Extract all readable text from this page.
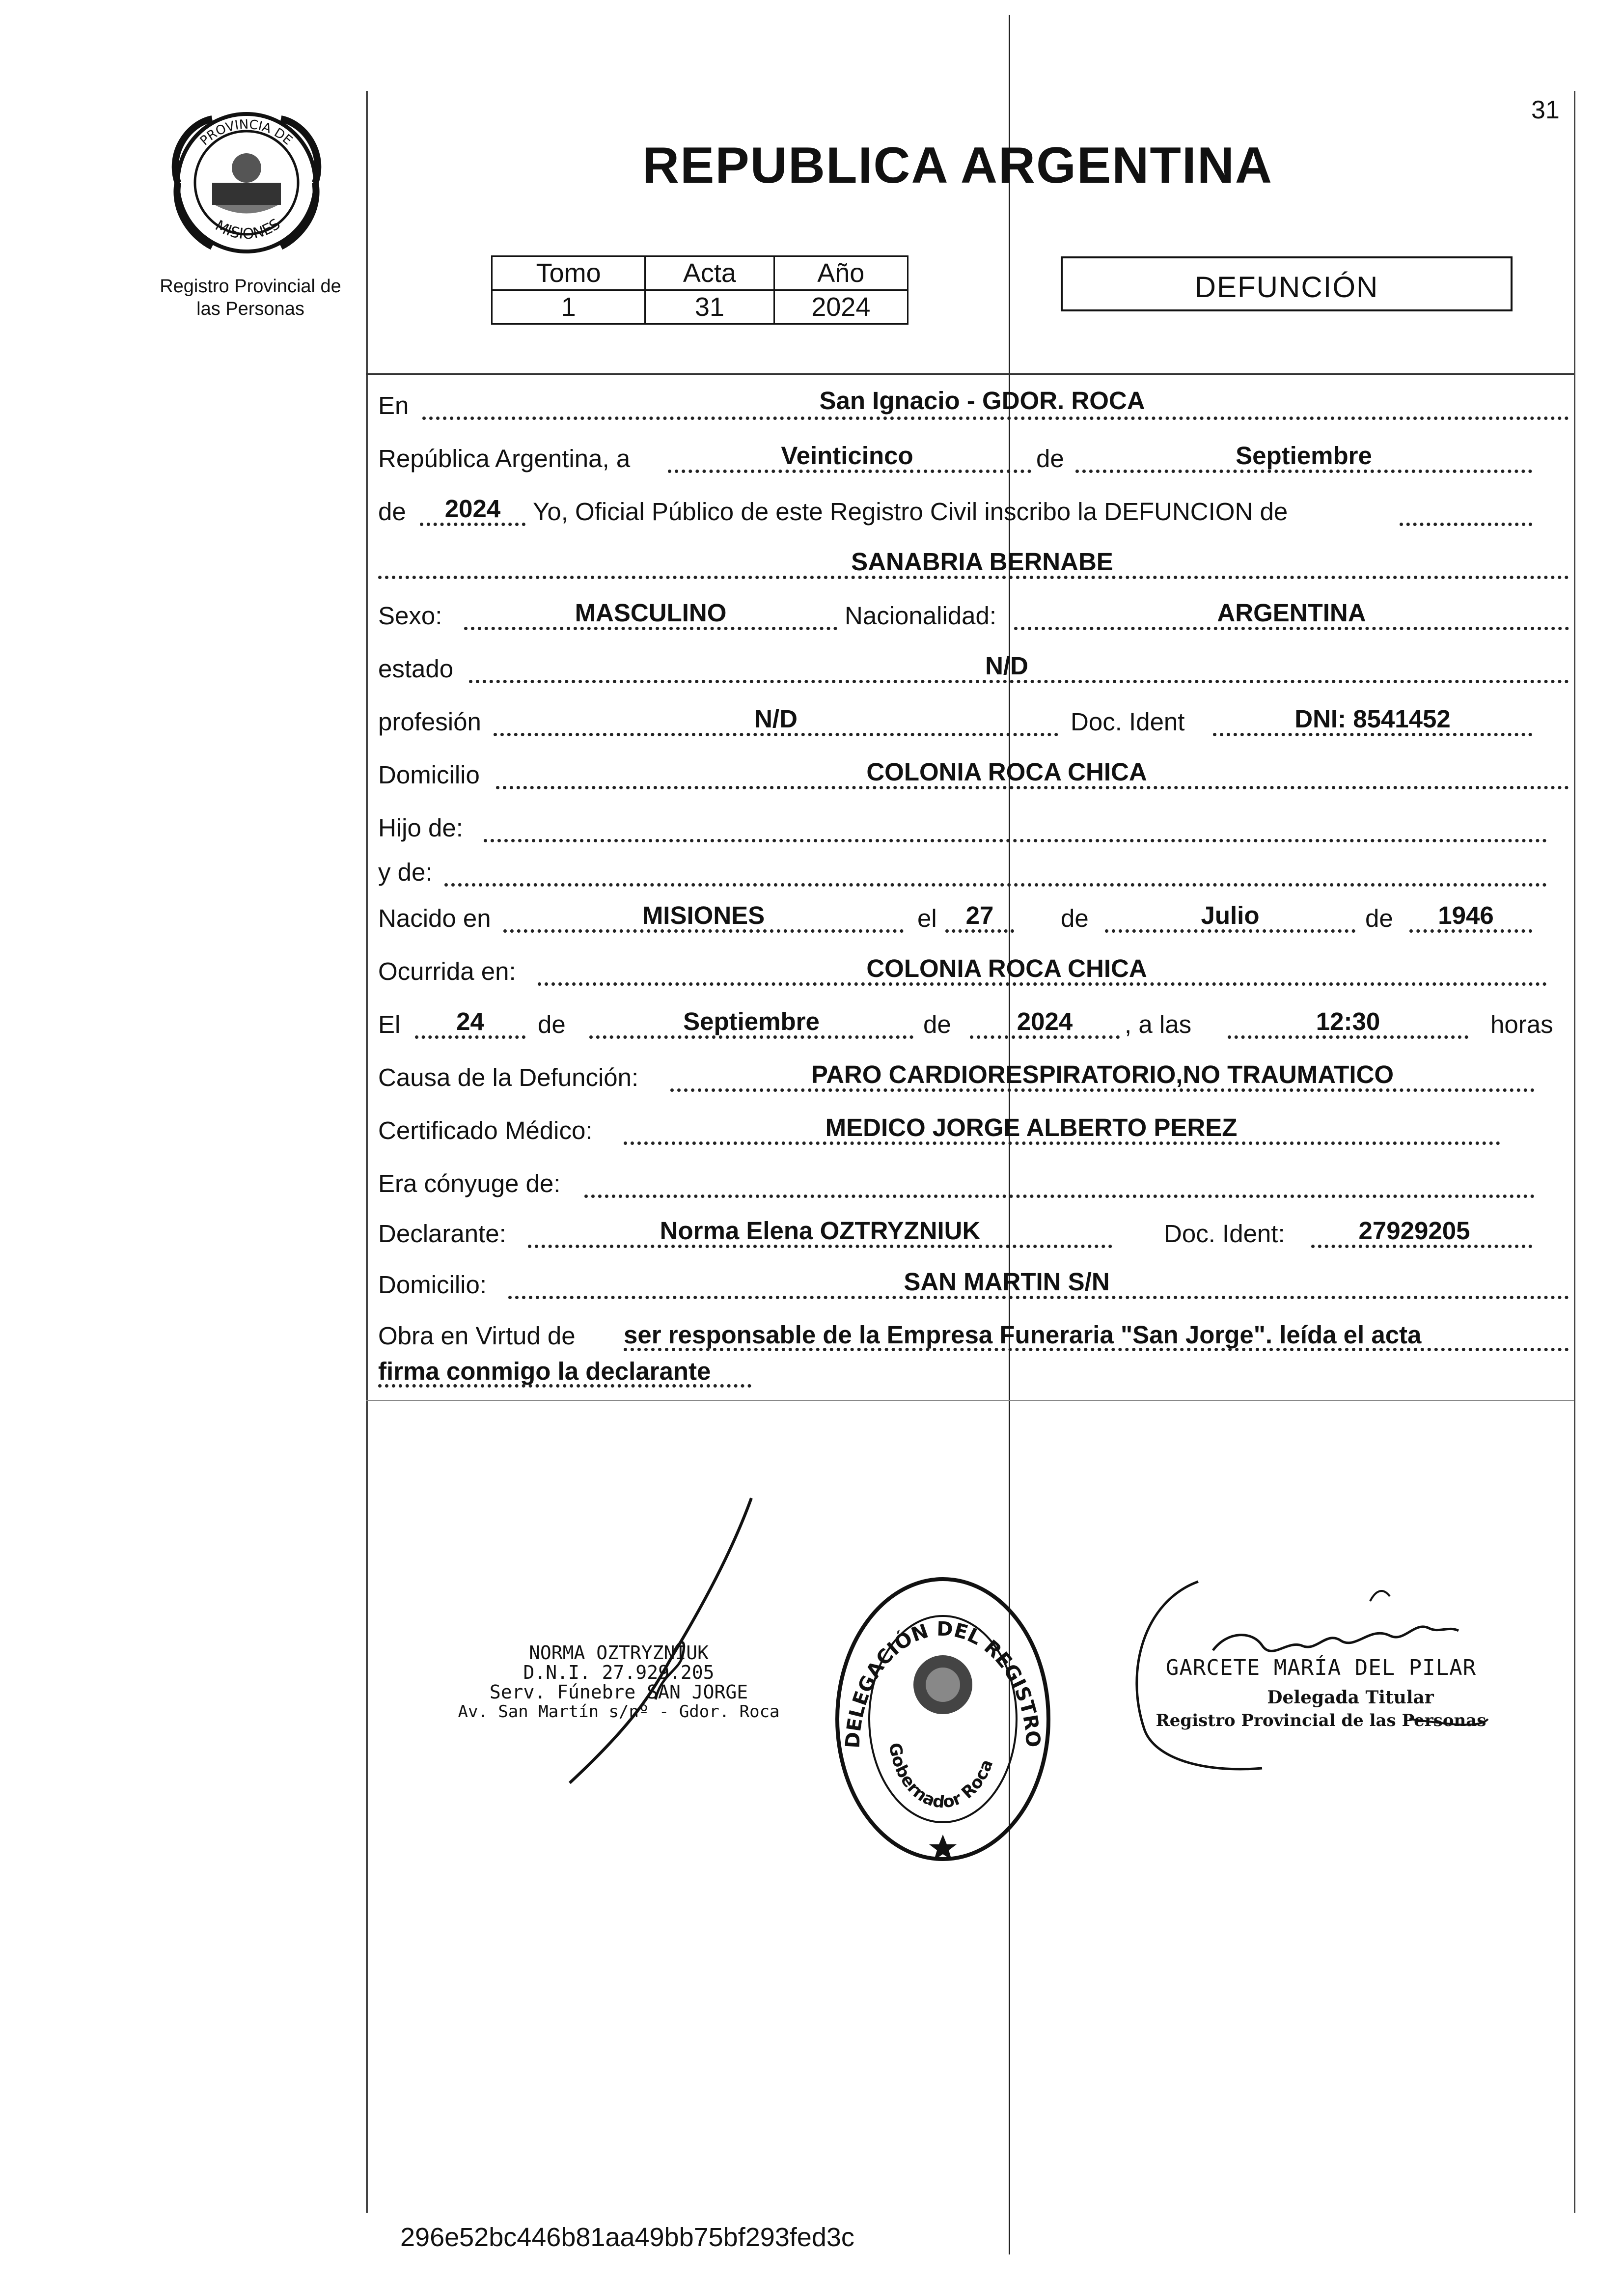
31
PROVINCIA DE
MISIONES
Registro Provincial de las Personas
REPUBLICA ARGENTINA
Tomo	Acta	Año
1	31	2024
DEFUNCIÓN
En	San Ignacio - GDOR. ROCA
República Argentina, a	Veinticinco	de	Septiembre
de	2024	Yo, Oficial Público de este Registro Civil inscribo la DEFUNCION de
SANABRIA BERNABE
Sexo:	MASCULINO	Nacionalidad:	ARGENTINA
estado	N/D
profesión	N/D	Doc. Ident	DNI: 8541452
Domicilio	COLONIA ROCA CHICA
Hijo de:
y de:
Nacido en	MISIONES	el	27	de	Julio	de	1946
Ocurrida en:	COLONIA ROCA CHICA
El	24	de	Septiembre	de	2024	, a las	12:30	horas
Causa de la Defunción:	PARO CARDIORESPIRATORIO,NO TRAUMATICO
Certificado Médico:	MEDICO JORGE ALBERTO PEREZ
Era cónyuge de:
Declarante:	Norma Elena OZTRYZNIUK	Doc. Ident:	27929205
Domicilio:	SAN MARTIN S/N
Obra en Virtud de ser responsable de la Empresa Funeraria "San Jorge". leída el acta
firma conmigo la declarante
NORMA OZTRYZNIUK
D.N.I. 27.929.205
Serv. Fúnebre SAN JORGE
Av. San Martín s/nº - Gdor. Roca
DELEGACIÓN DEL REGISTRO
Gobernador Roca
GARCETE MARÍA DEL PILAR
Delegada Titular
Registro Provincial de las Personas
296e52bc446b81aa49bb75bf293fed3c
